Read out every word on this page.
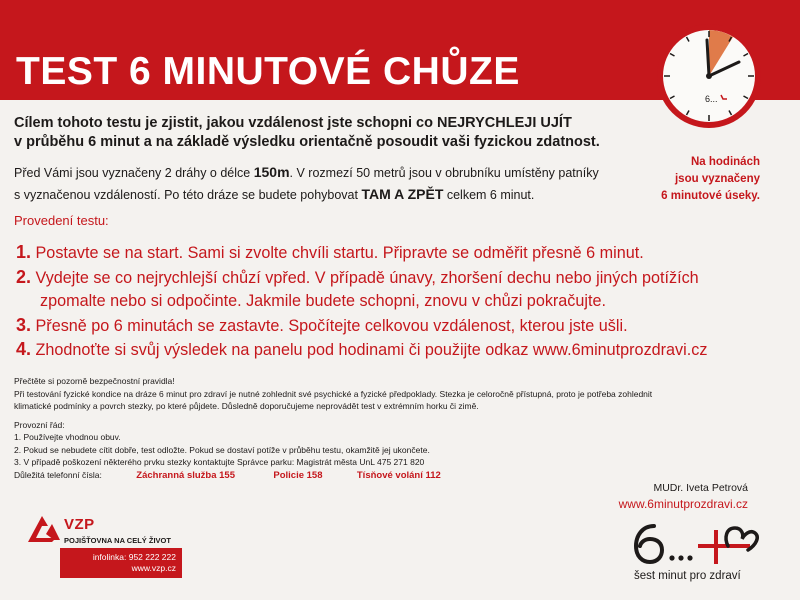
TEST 6 MINUTOVÉ CHŮZE
6...
Cílem tohoto testu je zjistit, jakou vzdálenost jste schopni co NEJRYCHLEJI UJÍT
v průběhu 6 minut a na základě výsledku orientačně posoudit vaši fyzickou zdatnost.
Před Vámi jsou vyznačeny 2 dráhy o délce 150m. V rozmezí 50 metrů jsou v obrubníku umístěny patníky
s vyznačenou vzdáleností. Po této dráze se budete pohybovat TAM A ZPĚT celkem 6 minut.
Na hodinách
jsou vyznačeny
6 minutové úseky.
Provedení testu:
1. Postavte se na start. Sami si zvolte chvíli startu. Připravte se odměřit přesně 6 minut.
2. Vydejte se co nejrychlejší chůzí vpřed. V případě únavy, zhoršení dechu nebo jiných potížích
zpomalte nebo si odpočinte. Jakmile budete schopni, znovu v chůzi pokračujte.
3. Přesně po 6 minutách se zastavte. Spočítejte celkovou vzdálenost, kterou jste ušli.
4. Zhodnoťte si svůj výsledek na panelu pod hodinami či použijte odkaz www.6minutprozdravi.cz
Přečtěte si pozorně bezpečnostní pravidla!
Při testování fyzické kondice na dráze 6 minut pro zdraví je nutné zohlednit své psychické a fyzické předpoklady. Stezka je celoročně přístupná, proto je potřeba zohlednit
klimatické podmínky a povrch stezky, po které půjdete. Důsledně doporučujeme neprovádět test v extrémním horku či zimě.
Provozní řád:
1. Používejte vhodnou obuv.
2. Pokud se nebudete cítit dobře, test odložte. Pokud se dostaví potíže v průběhu testu, okamžitě jej ukončete.
3. V případě poškození některého prvku stezky kontaktujte Správce parku: Magistrát města UnL 475 271 820
Důležitá telefonní čísla:	Záchranná služba 155	Policie 158	Tísňové volání 112
MUDr. Iveta Petrová
www.6minutprozdravi.cz
VZP
POJIŠŤOVNA NA CELÝ ŽIVOT
infolinka: 952 222 222
www.vzp.cz
šest minut pro zdraví
